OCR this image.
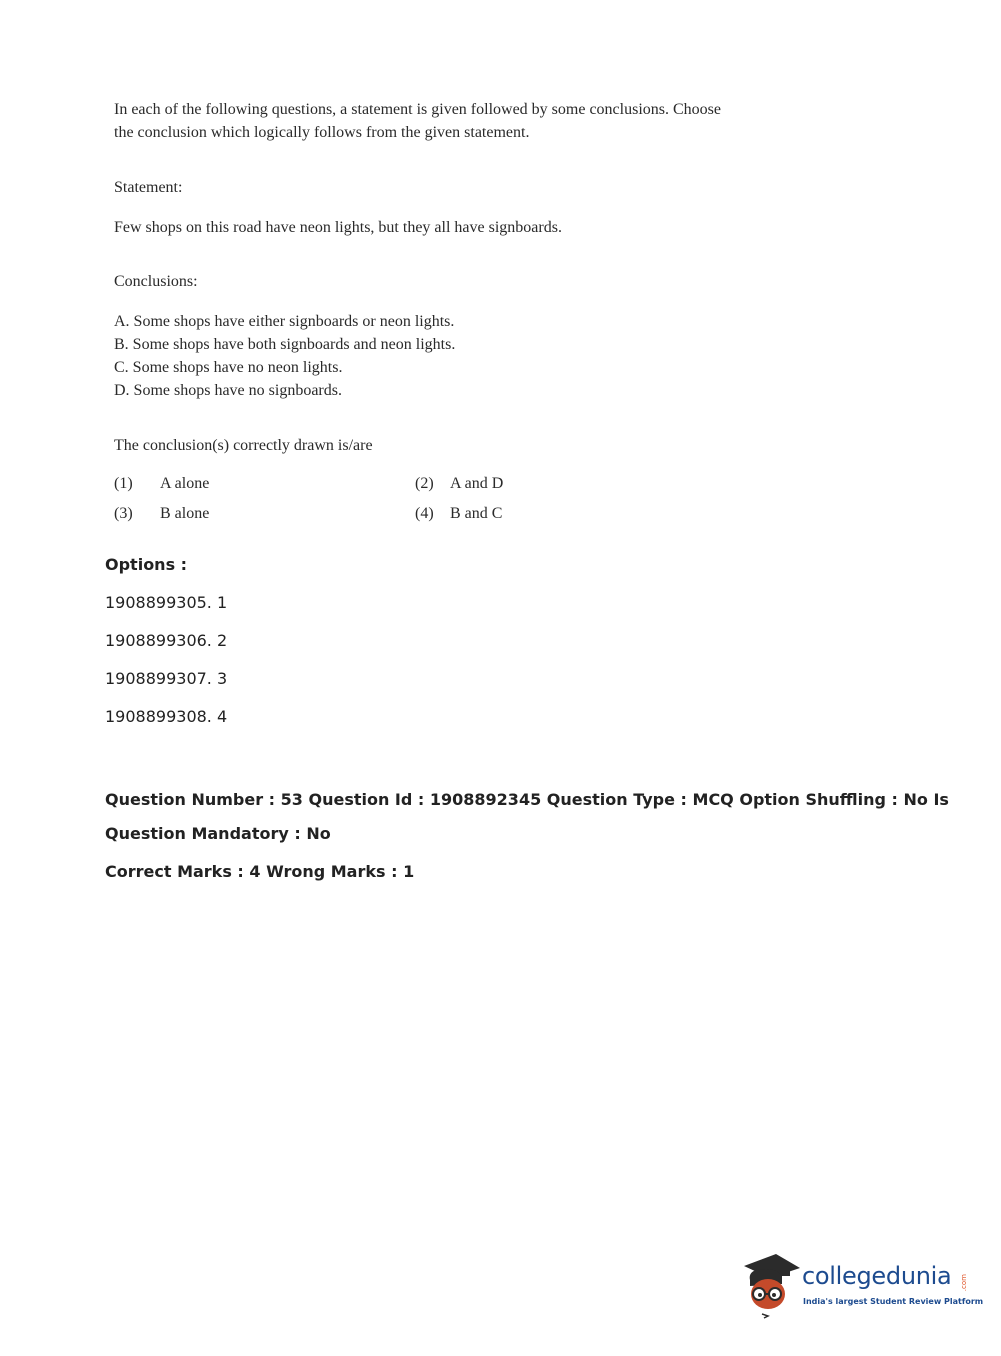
In each of the following questions, a statement is given followed by some conclusions. Choose
the conclusion which logically follows from the given statement.
Statement:
Few shops on this road have neon lights, but they all have signboards.
Conclusions:
A. Some shops have either signboards or neon lights.
B. Some shops have both signboards and neon lights.
C. Some shops have no neon lights.
D. Some shops have no signboards.
The conclusion(s) correctly drawn is/are
(1) A alone	(2) A and D
(3) B alone	(4) B and C
Options :
1908899305. 1
1908899306. 2
1908899307. 3
1908899308. 4
Question Number : 53 Question Id : 1908892345 Question Type : MCQ Option Shuffling : No Is
Question Mandatory : No
Correct Marks : 4 Wrong Marks : 1
collegedunia .com
India's largest Student Review Platform
